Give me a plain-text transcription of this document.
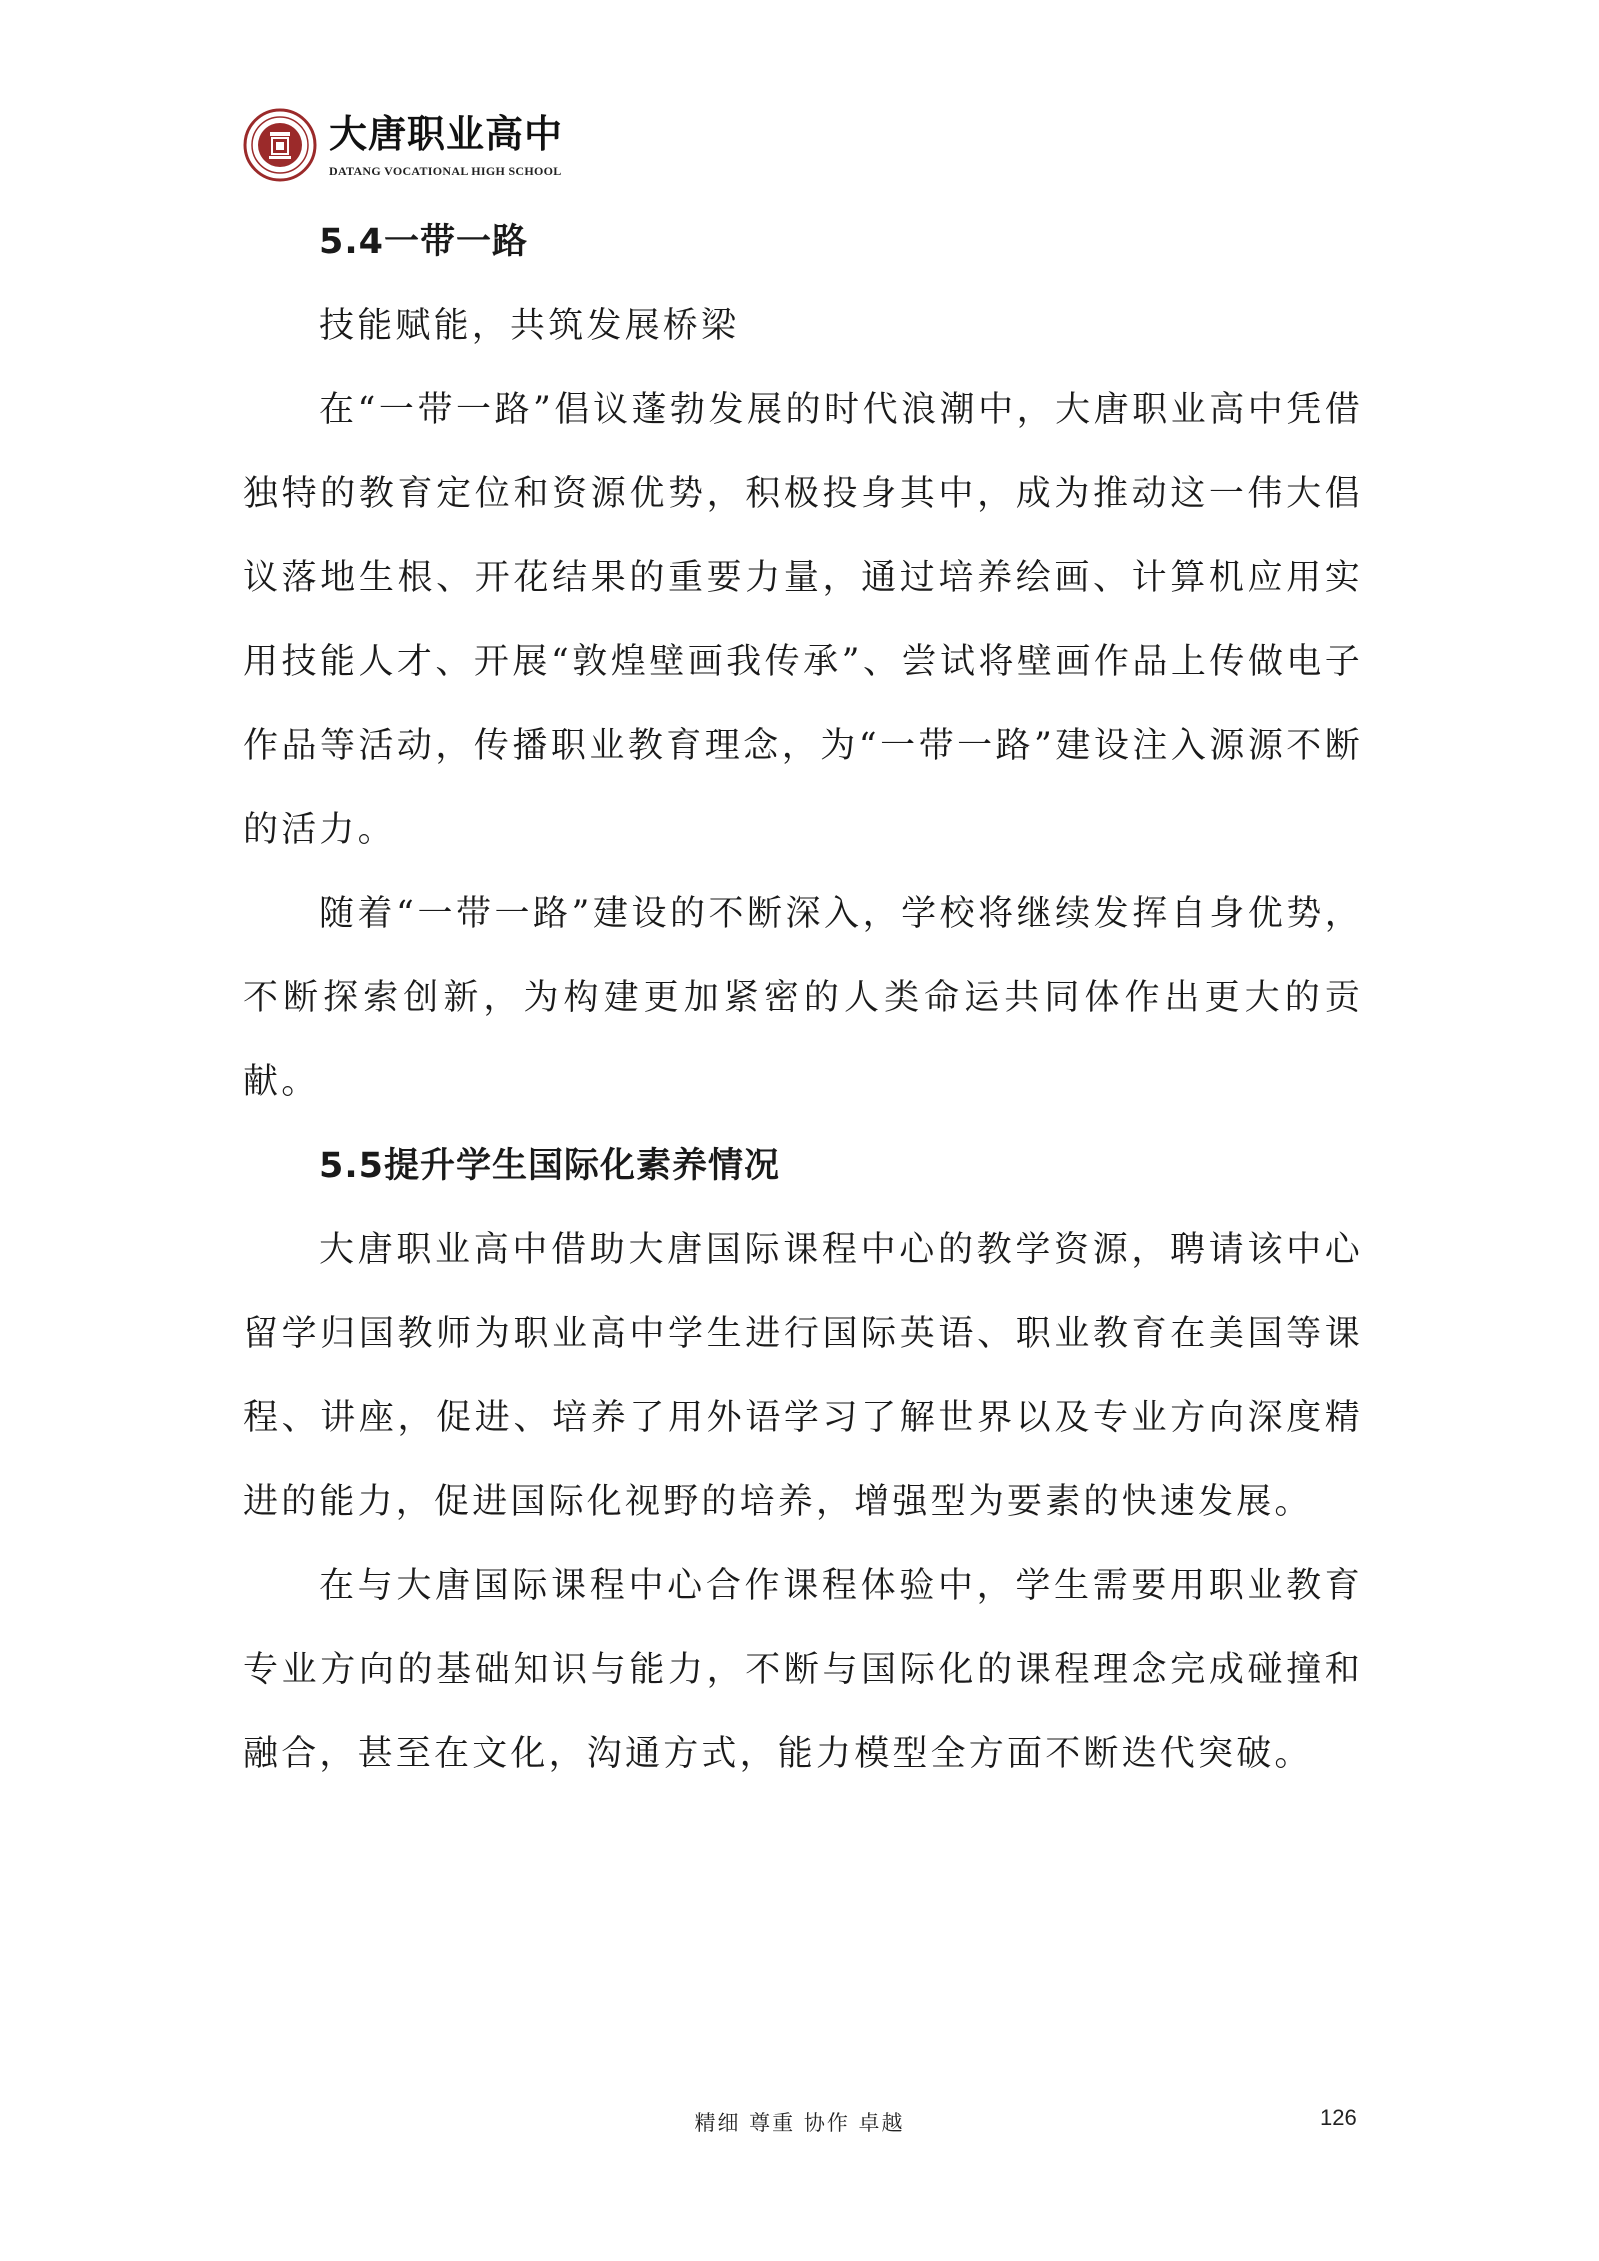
大唐职业高中
DATANG VOCATIONAL HIGH SCHOOL
5.4一带一路

技能赋能，共筑发展桥梁

在“一带一路”倡议蓬勃发展的时代浪潮中，大唐职业高中凭借独特的教育定位和资源优势，积极投身其中，成为推动这一伟大倡议落地生根、开花结果的重要力量，通过培养绘画、计算机应用实用技能人才、开展“敦煌壁画我传承”、尝试将壁画作品上传做电子作品等活动，传播职业教育理念，为“一带一路”建设注入源源不断的活力。

随着“一带一路”建设的不断深入，学校将继续发挥自身优势，不断探索创新，为构建更加紧密的人类命运共同体作出更大的贡献。

5.5提升学生国际化素养情况

大唐职业高中借助大唐国际课程中心的教学资源，聘请该中心留学归国教师为职业高中学生进行国际英语、职业教育在美国等课程、讲座，促进、培养了用外语学习了解世界以及专业方向深度精进的能力，促进国际化视野的培养，增强型为要素的快速发展。

在与大唐国际课程中心合作课程体验中，学生需要用职业教育专业方向的基础知识与能力，不断与国际化的课程理念完成碰撞和融合，甚至在文化，沟通方式，能力模型全方面不断迭代突破。

精细 尊重 协作 卓越	126
